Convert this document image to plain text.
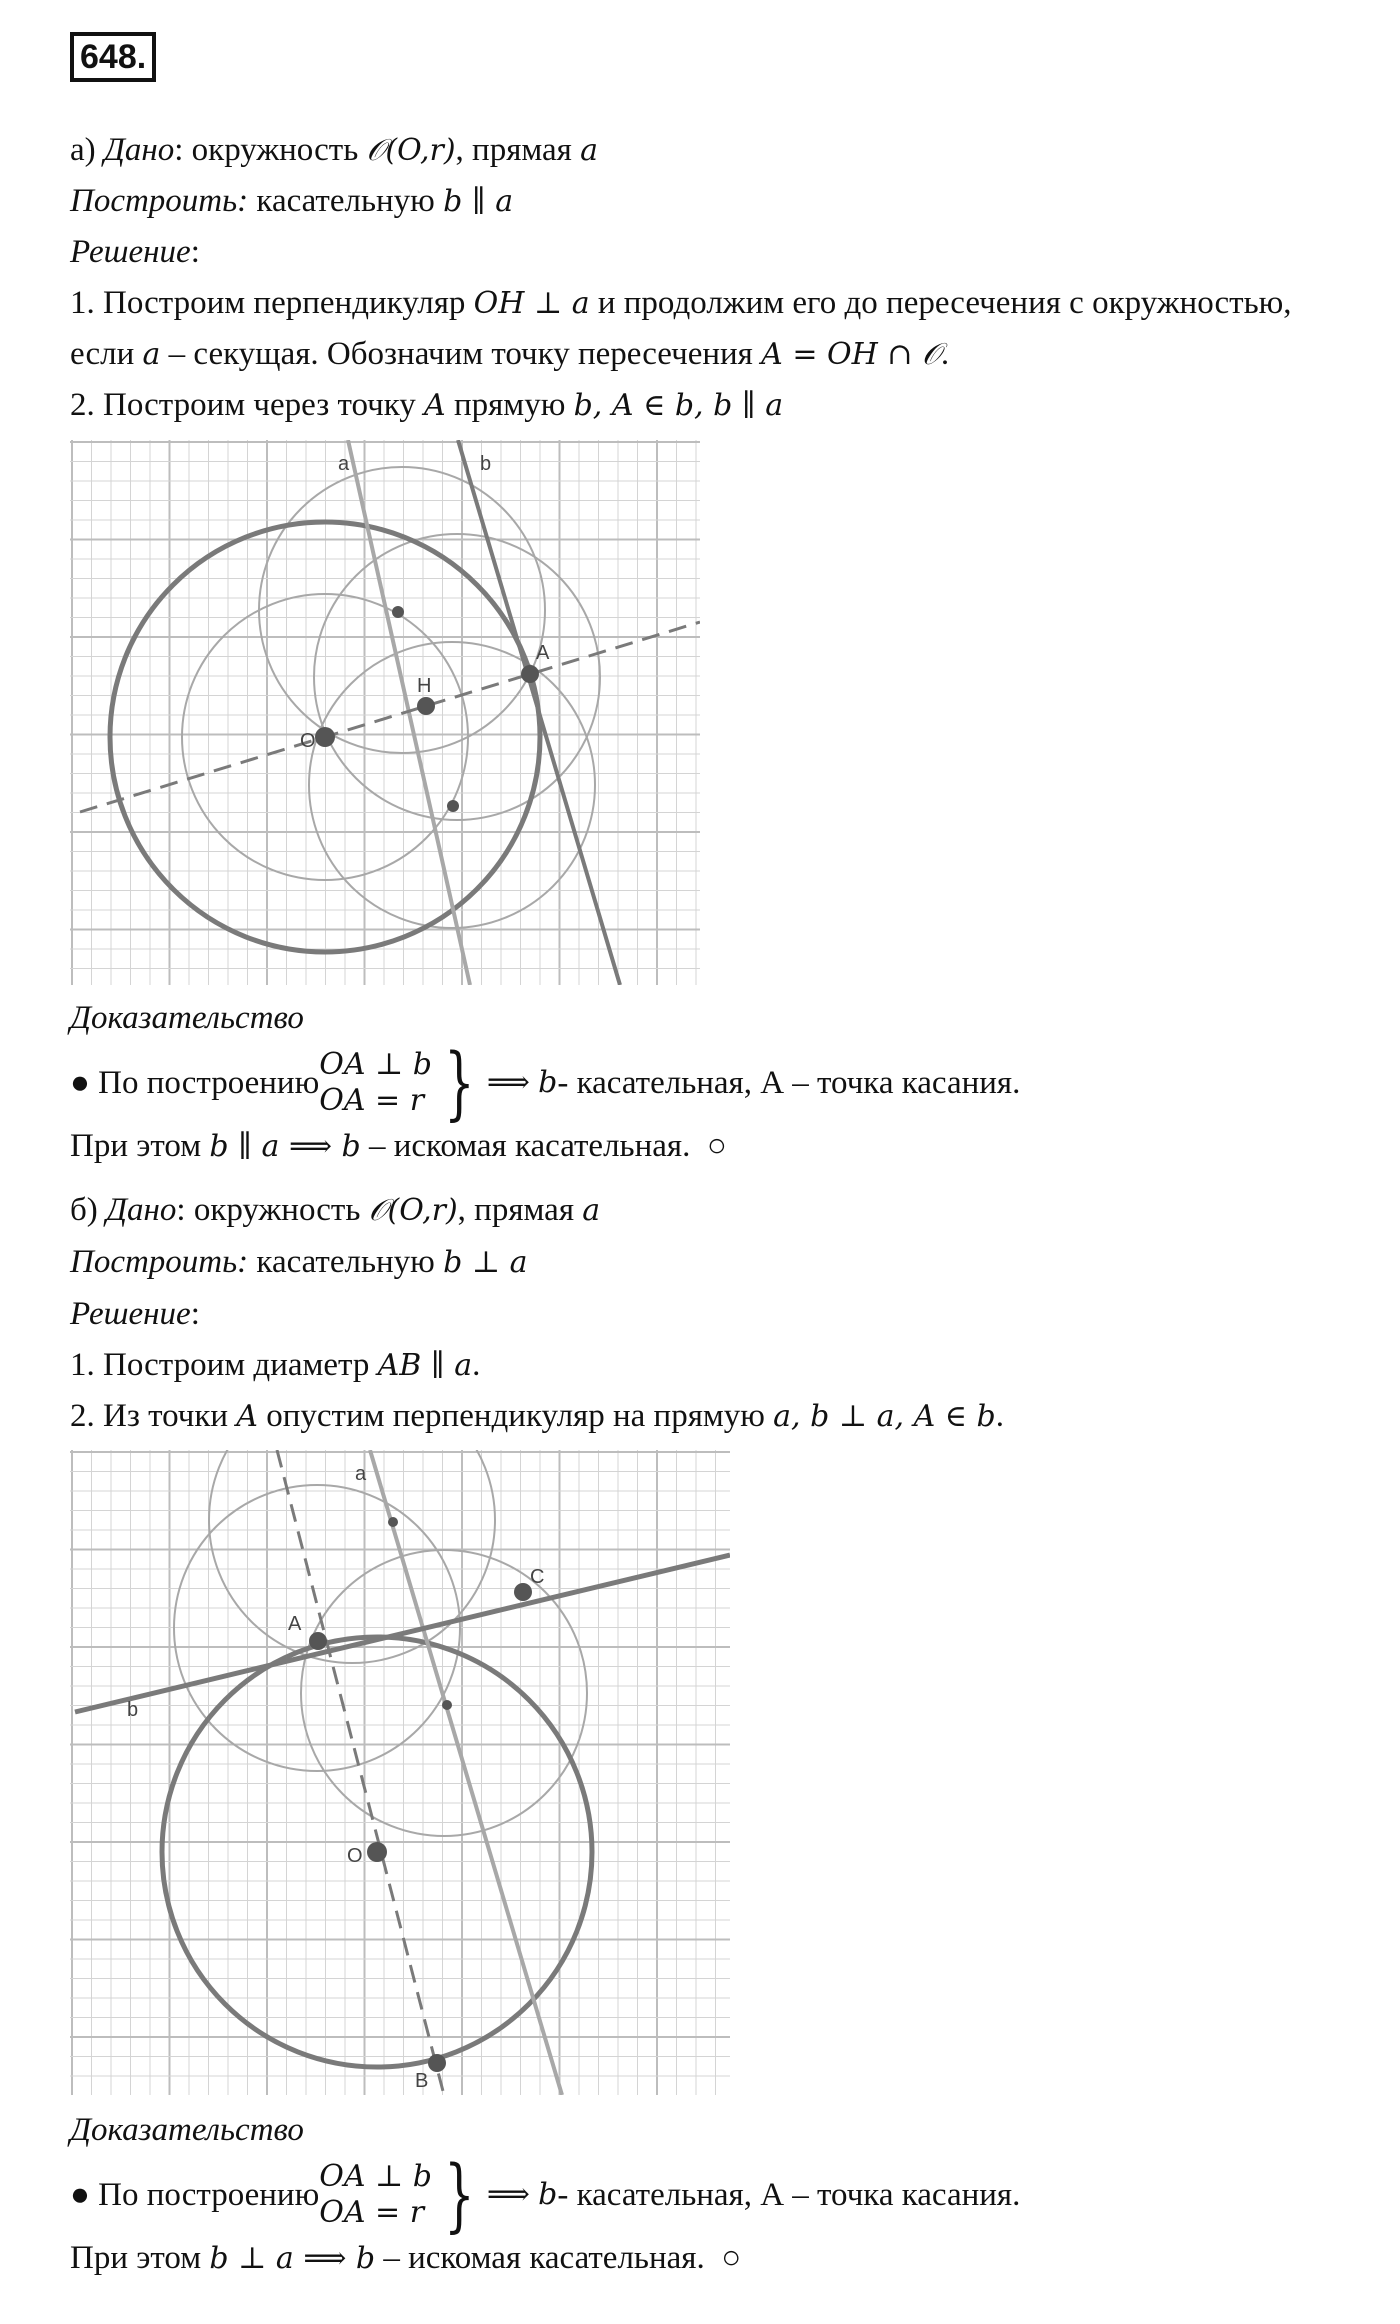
648.
а) Дано: окружность 𝒪(O,r), прямая a
Построить: касательную b ∥ a
Решение:
1. Построим перпендикуляр OH ⊥ a и продолжим его до пересечения с окружностью,
если a – секущая. Обозначим точку пересечения A = OH ∩ 𝒪.
2. Построим через точку A прямую b, A ∈ b, b ∥ a
a	b
A
H
O
Доказательство
● По построению
OA ⊥ b
OA = r } ⟹
b - касательная, А – точка касания.
При этом b ∥ a ⟹ b – искомая касательная. ○
б) Дано: окружность 𝒪(O,r), прямая a
Построить: касательную b ⊥ a
Решение:
1. Построим диаметр AB ∥ a.
2. Из точки A опустим перпендикуляр на прямую a, b ⊥ a, A ∈ b.
a
b
A
C
O
B
Доказательство
● По построению
OA ⊥ b
OA = r } ⟹
b - касательная, А – точка касания.
При этом b ⊥ a ⟹ b – искомая касательная. ○
